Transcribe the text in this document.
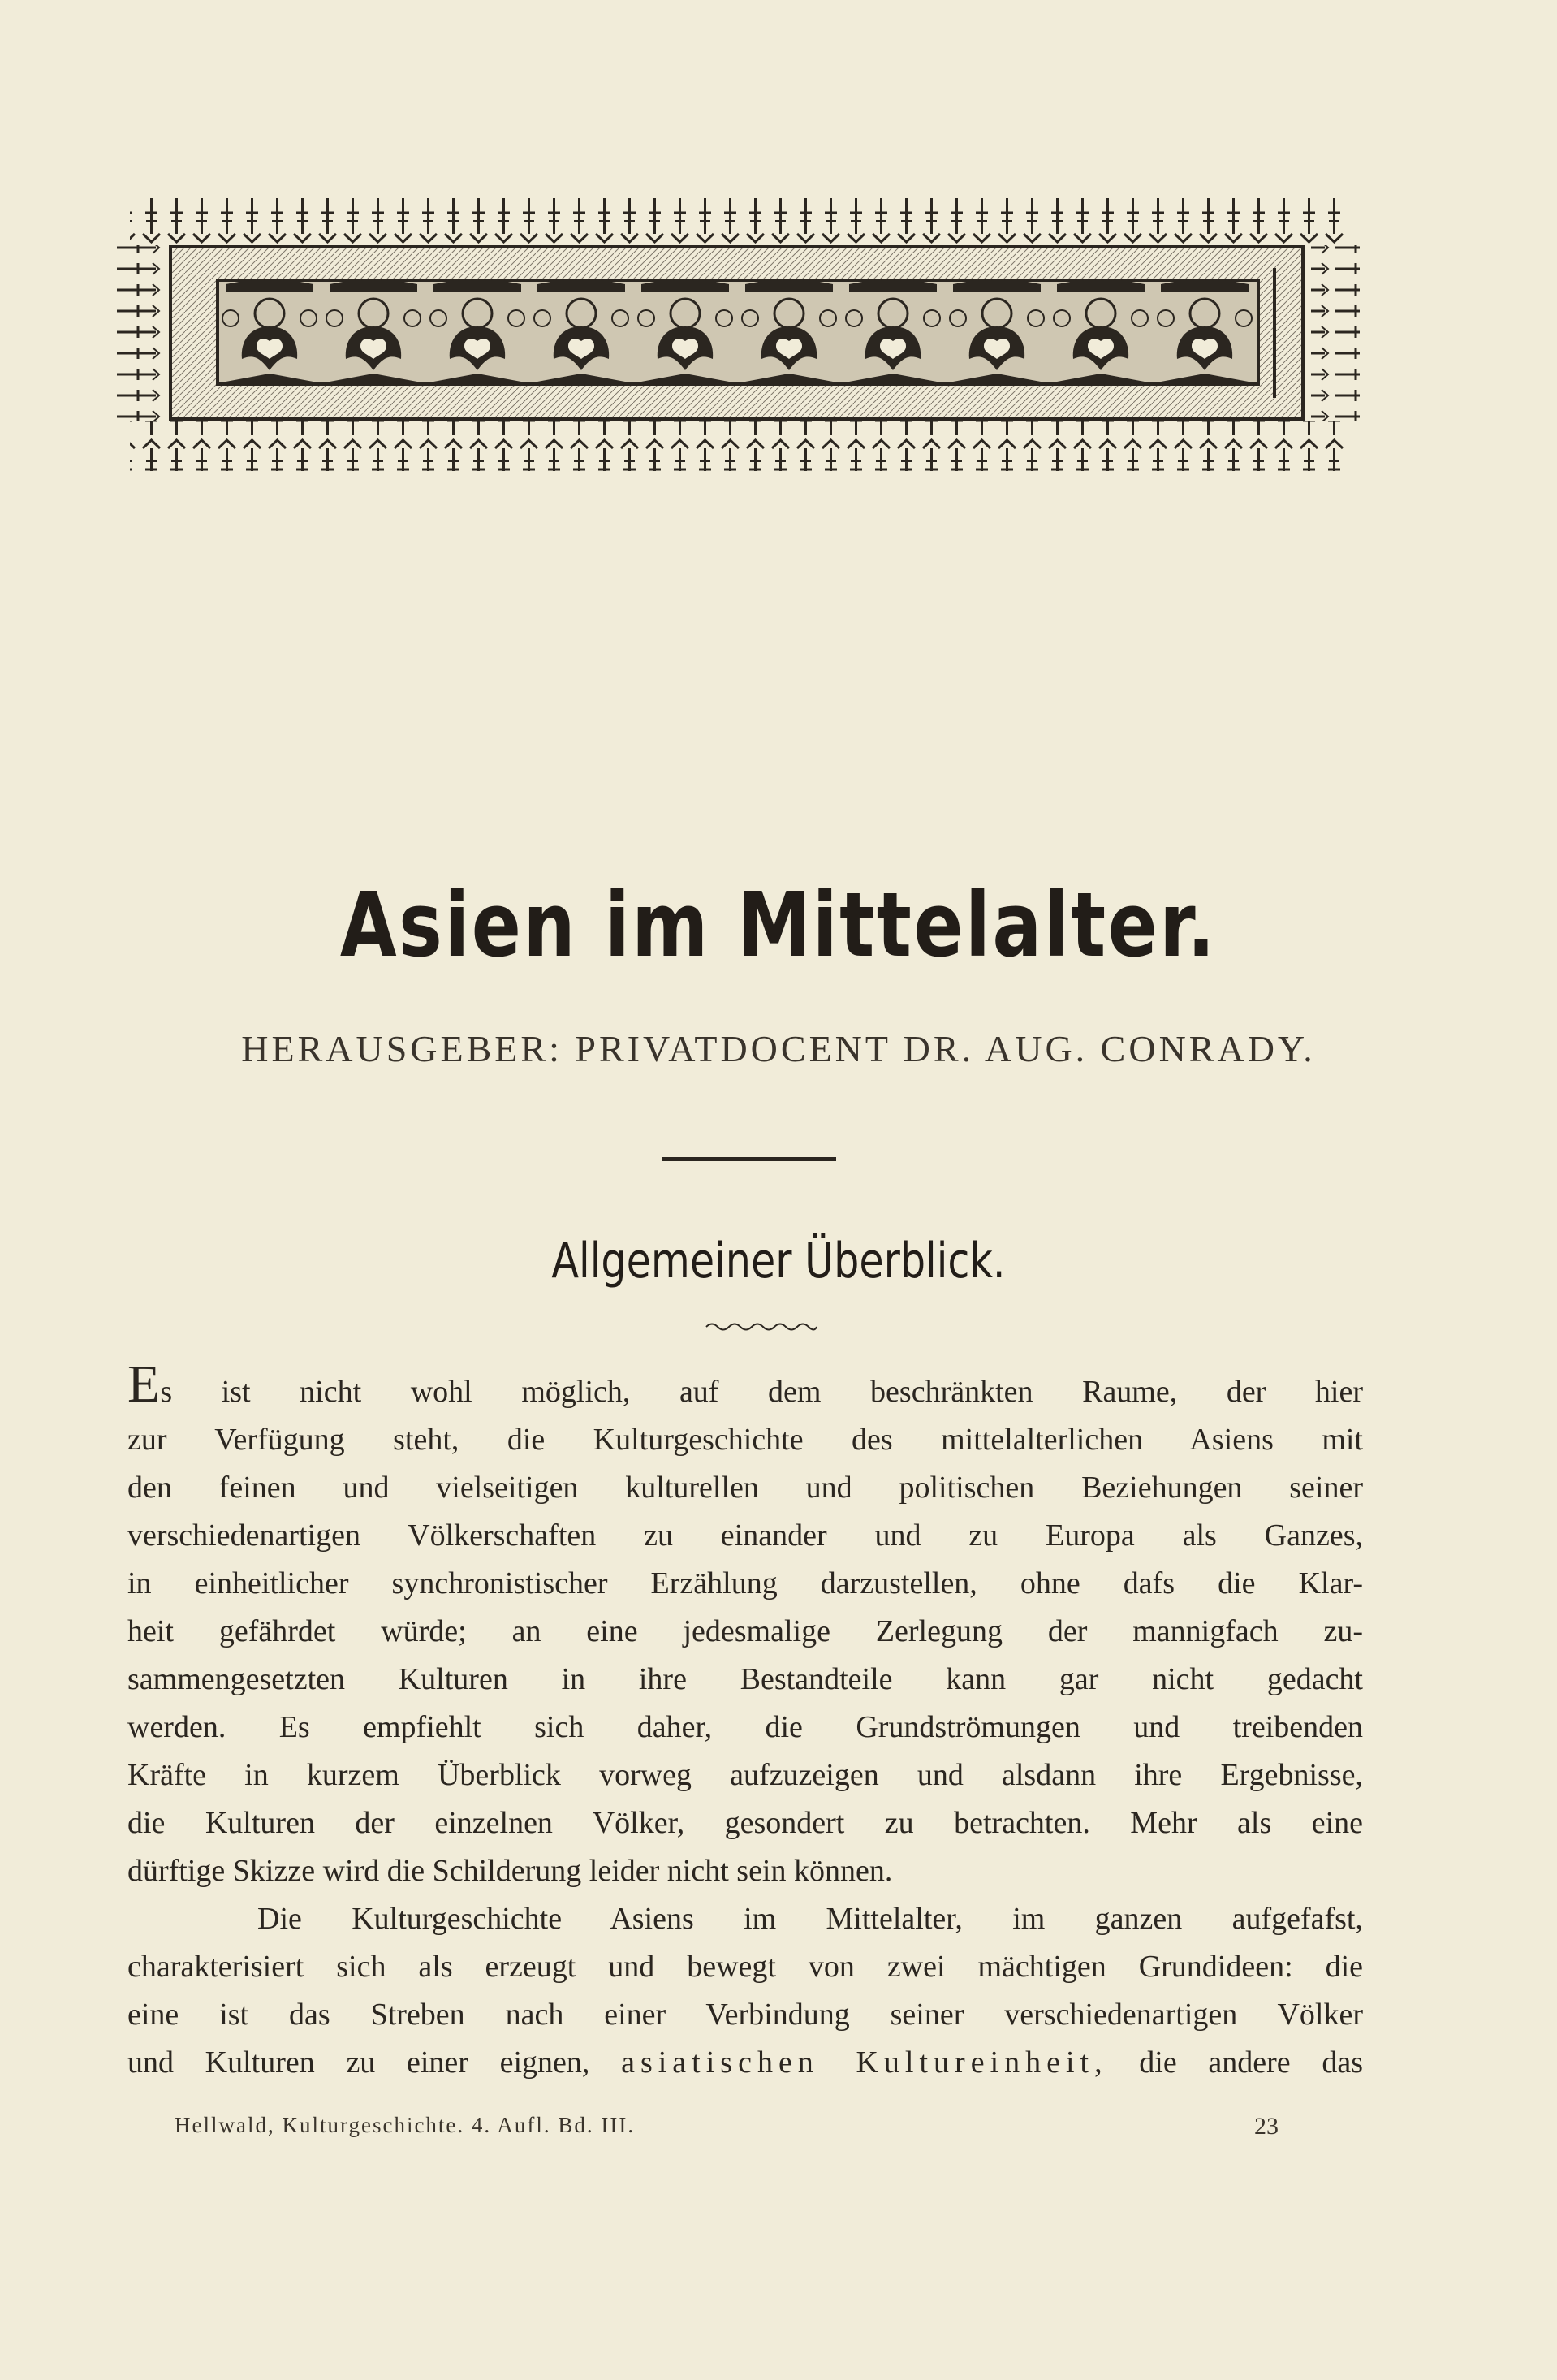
Asien im Mittelalter.
HERAUSGEBER: PRIVATDOCENT DR. AUG. CONRADY.
Allgemeiner Überblick.
Es ist nicht wohl möglich, auf dem beschränkten Raume, der hier
zur Verfügung steht, die Kulturgeschichte des mittelalterlichen Asiens mit
den feinen und vielseitigen kulturellen und politischen Beziehungen seiner
verschiedenartigen Völkerschaften zu einander und zu Europa als Ganzes,
in einheitlicher synchronistischer Erzählung darzustellen, ohne dafs die Klar-
heit gefährdet würde; an eine jedesmalige Zerlegung der mannigfach zu-
sammengesetzten Kulturen in ihre Bestandteile kann gar nicht gedacht
werden. Es empfiehlt sich daher, die Grundströmungen und treibenden
Kräfte in kurzem Überblick vorweg aufzuzeigen und alsdann ihre Ergebnisse,
die Kulturen der einzelnen Völker, gesondert zu betrachten. Mehr als eine
dürftige Skizze wird die Schilderung leider nicht sein können.
Die Kulturgeschichte Asiens im Mittelalter, im ganzen aufgefafst,
charakterisiert sich als erzeugt und bewegt von zwei mächtigen Grundideen: die
eine ist das Streben nach einer Verbindung seiner verschiedenartigen Völker
und Kulturen zu einer eignen, asiatischen Kultureinheit, die andere das
Hellwald, Kulturgeschichte. 4. Aufl. Bd. III.	23
